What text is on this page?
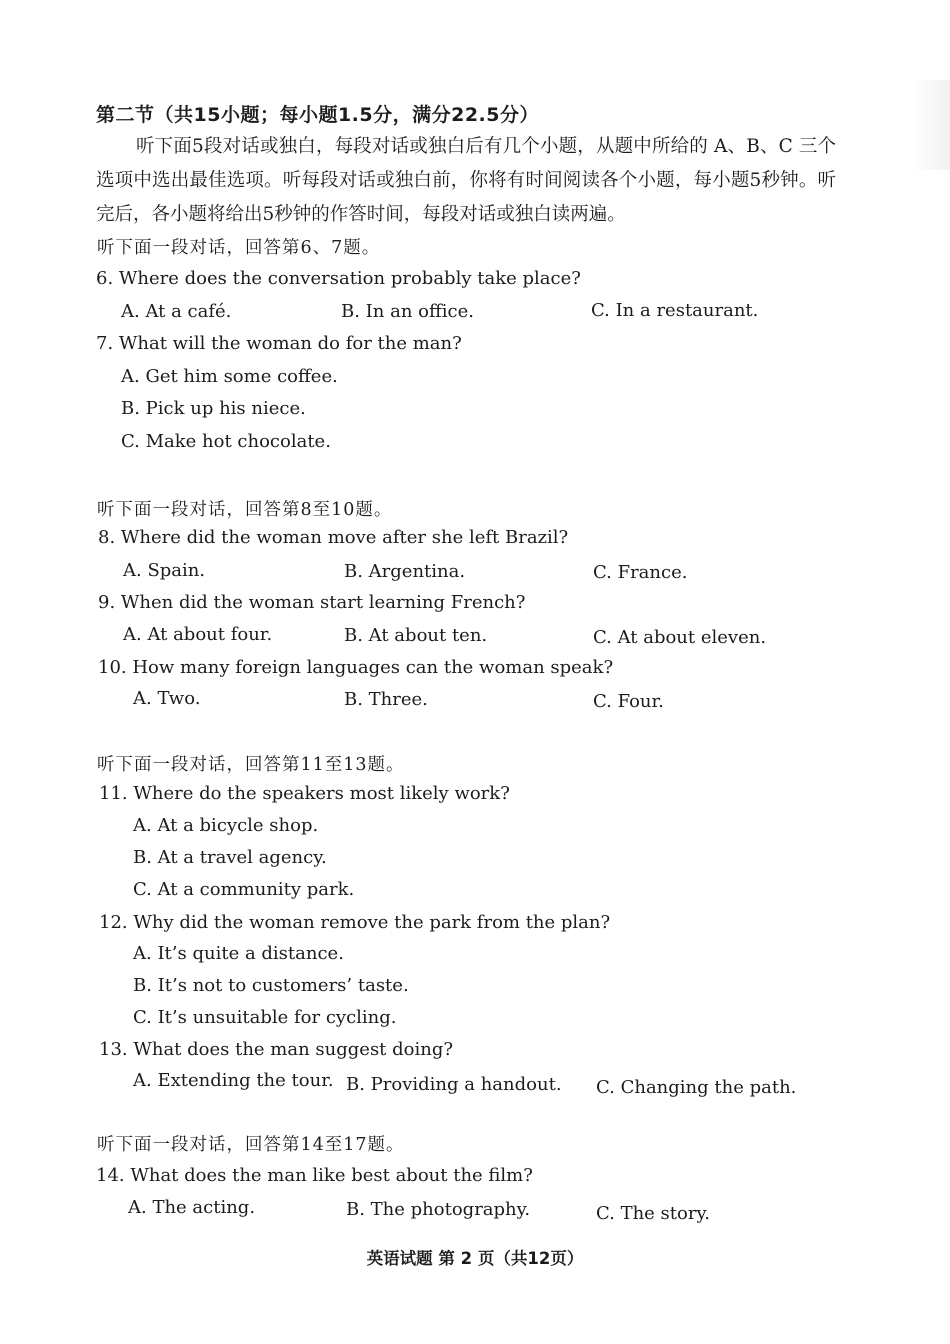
第二节（共15小题；每小题1.5分，满分22.5分）
听下面5段对话或独白，每段对话或独白后有几个小题，从题中所给的 A、B、C 三个选项中选出最佳选项。听每段对话或独白前，你将有时间阅读各个小题，每小题5秒钟。听完后，各小题将给出5秒钟的作答时间，每段对话或独白读两遍。
听下面一段对话，回答第6、7题。
6. Where does the conversation probably take place?
A. At a café.	B. In an office.	C. In a restaurant.
7. What will the woman do for the man?
A. Get him some coffee.
B. Pick up his niece.
C. Make hot chocolate.
听下面一段对话，回答第8至10题。
8. Where did the woman move after she left Brazil?
A. Spain.	B. Argentina.	C. France.
9. When did the woman start learning French?
A. At about four.	B. At about ten.	C. At about eleven.
10. How many foreign languages can the woman speak?
A. Two.	B. Three.	C. Four.
听下面一段对话，回答第11至13题。
11. Where do the speakers most likely work?
A. At a bicycle shop.
B. At a travel agency.
C. At a community park.
12. Why did the woman remove the park from the plan?
A. It’s quite a distance.
B. It’s not to customers’ taste.
C. It’s unsuitable for cycling.
13. What does the man suggest doing?
A. Extending the tour. B. Providing a handout. C. Changing the path.
听下面一段对话，回答第14至17题。
14. What does the man like best about the film?
A. The acting.	B. The photography.	C. The story.
英语试题 第 2 页（共12页）
